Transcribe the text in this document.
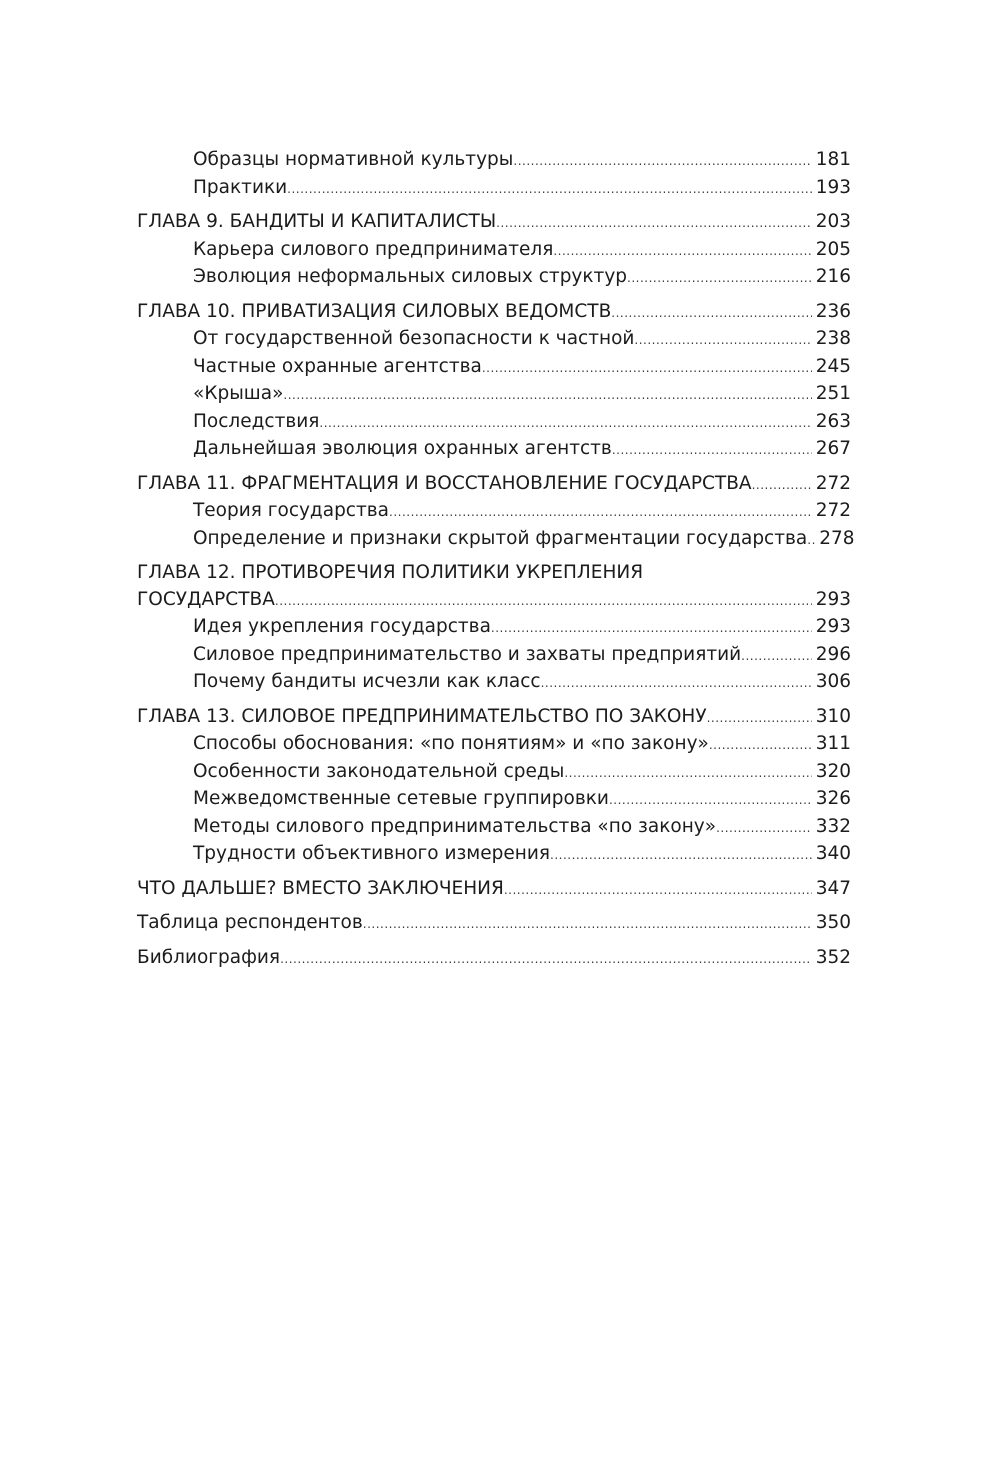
Образцы нормативной культуры .....	181
Практики .....	193
ГЛАВА 9. БАНДИТЫ И КАПИТАЛИСТЫ .....	203
Карьера силового предпринимателя .....	205
Эволюция неформальных силовых структур .....	216
ГЛАВА 10. ПРИВАТИЗАЦИЯ СИЛОВЫХ ВЕДОМСТВ .....	236
От государственной безопасности к частной .....	238
Частные охранные агентства .....	245
«Крыша» .....	251
Последствия .....	263
Дальнейшая эволюция охранных агентств .....	267
ГЛАВА 11. ФРАГМЕНТАЦИЯ И ВОССТАНОВЛЕНИЕ ГОСУДАРСТВА .....	272
Теория государства .....	272
Определение и признаки скрытой фрагментации государства ..... 278
ГЛАВА 12. ПРОТИВОРЕЧИЯ ПОЛИТИКИ УКРЕПЛЕНИЯ
ГОСУДАРСТВА .....	293
Идея укрепления государства .....	293
Силовое предпринимательство и захваты предприятий .....	296
Почему бандиты исчезли как класс .....	306
ГЛАВА 13. СИЛОВОЕ ПРЕДПРИНИМАТЕЛЬСТВО ПО ЗАКОНУ .....	310
Способы обоснования: «по понятиям» и «по закону» .....	311
Особенности законодательной среды .....	320
Межведомственные сетевые группировки .....	326
Методы силового предпринимательства «по закону» .....	332
Трудности объективного измерения .....	340
ЧТО ДАЛЬШЕ? ВМЕСТО ЗАКЛЮЧЕНИЯ .....	347
Таблица респондентов .....	350
Библиография .....	352
